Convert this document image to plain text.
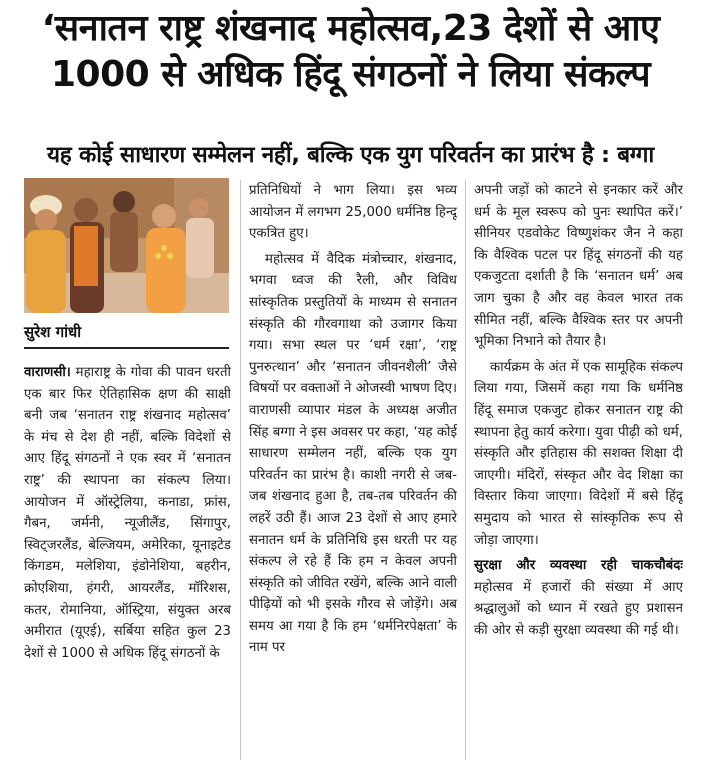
‘सनातन राष्ट्र शंखनाद महोत्सव,23 देशों से आए
1000 से अधिक हिंदू संगठनों ने लिया संकल्प
यह कोई साधारण सम्मेलन नहीं, बल्कि एक युग परिवर्तन का प्रारंभ है : बग्गा
सुरेश गांधी

वाराणसी। महाराष्ट्र के गोवा की पावन धरती एक बार फिर ऐतिहासिक क्षण की साक्षी बनी जब ‘सनातन राष्ट्र शंखनाद महोत्सव’ के मंच से देश ही नहीं, बल्कि विदेशों से आए हिंदू संगठनों ने एक स्वर में ‘सनातन राष्ट्र’ की स्थापना का संकल्प लिया। आयोजन में ऑस्ट्रेलिया, कनाडा, फ्रांस, गैबन, जर्मनी, न्यूजीलैंड, सिंगापुर, स्विट्जरलैंड, बेल्जियम, अमेरिका, यूनाइटेड किंगडम, मलेशिया, इंडोनेशिया, बहरीन, क्रोएशिया, हंगरी, आयरलैंड, मॉरिशस, कतर, रोमानिया, ऑस्ट्रिया, संयुक्त अरब अमीरात (यूएई), सर्बिया सहित कुल 23 देशों से 1000 से अधिक हिंदू संगठनों के

प्रतिनिधियों ने भाग लिया। इस भव्य आयोजन में लगभग 25,000 धर्मनिष्ठ हिन्दू एकत्रित हुए।

महोत्सव में वैदिक मंत्रोच्चार, शंखनाद, भगवा ध्वज की रैली, और विविध सांस्कृतिक प्रस्तुतियों के माध्यम से सनातन संस्कृति की गौरवगाथा को उजागर किया गया। सभा स्थल पर ‘धर्म रक्षा’, ‘राष्ट्र पुनरुत्थान’ और ‘सनातन जीवनशैली’ जैसे विषयों पर वक्ताओं ने ओजस्वी भाषण दिए। वाराणसी व्यापार मंडल के अध्यक्ष अजीत सिंह बग्गा ने इस अवसर पर कहा, ‘यह कोई साधारण सम्मेलन नहीं, बल्कि एक युग परिवर्तन का प्रारंभ है। काशी नगरी से जब-जब शंखनाद हुआ है, तब-तब परिवर्तन की लहरें उठी हैं। आज 23 देशों से आए हमारे सनातन धर्म के प्रतिनिधि इस धरती पर यह संकल्प ले रहे हैं कि हम न केवल अपनी संस्कृति को जीवित रखेंगे, बल्कि आने वाली पीढ़ियों को भी इसके गौरव से जोड़ेंगे। अब समय आ गया है कि हम ‘धर्मनिरपेक्षता’ के नाम पर

अपनी जड़ों को काटने से इनकार करें और धर्म के मूल स्वरूप को पुनः स्थापित करें।’ सीनियर एडवोकेट विष्णुशंकर जैन ने कहा कि वैश्विक पटल पर हिंदू संगठनों की यह एकजुटता दर्शाती है कि ‘सनातन धर्म’ अब जाग चुका है और वह केवल भारत तक सीमित नहीं, बल्कि वैश्विक स्तर पर अपनी भूमिका निभाने को तैयार है।

कार्यक्रम के अंत में एक सामूहिक संकल्प लिया गया, जिसमें कहा गया कि धर्मनिष्ठ हिंदू समाज एकजुट होकर सनातन राष्ट्र की स्थापना हेतु कार्य करेगा। युवा पीढ़ी को धर्म, संस्कृति और इतिहास की सशक्त शिक्षा दी जाएगी। मंदिरों, संस्कृत और वेद शिक्षा का विस्तार किया जाएगा। विदेशों में बसे हिंदू समुदाय को भारत से सांस्कृतिक रूप से जोड़ा जाएगा।

सुरक्षा और व्यवस्था रही चाकचौबंदः महोत्सव में हजारों की संख्या में आए श्रद्धालुओं को ध्यान में रखते हुए प्रशासन की ओर से कड़ी सुरक्षा व्यवस्था की गई थी।
